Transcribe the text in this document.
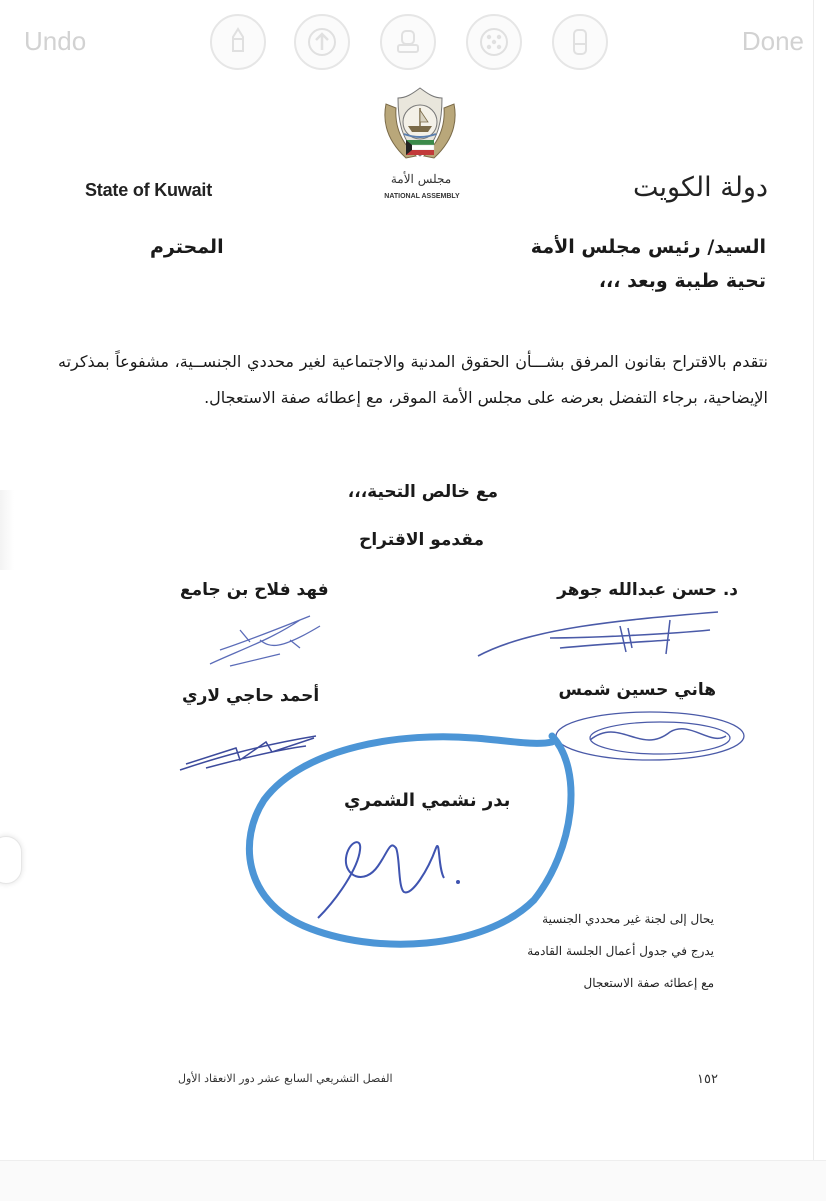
Undo	Done
مجلس الأمة
NATIONAL ASSEMBLY
State of Kuwait	دولة الكويت
السيد/ رئيس مجلس الأمة
المحترم
تحية طيبة وبعد ،،،
نتقدم بالاقتراح بقانون المرفق بشـــأن الحقوق المدنية والاجتماعية لغير محددي الجنســية، مشفوعاً بمذكرته الإيضاحية، برجاء التفضل بعرضه على مجلس الأمة الموقر، مع إعطائه صفة الاستعجال.
مع خالص التحية،،،
مقدمو الاقتراح
د. حسن عبدالله جوهر
فهد فلاح بن جامع
هاني حسين شمس
أحمد حاجي لاري
بدر نشمي الشمري
يحال إلى لجنة غير محددي الجنسية
يدرج في جدول أعمال الجلسة القادمة
مع إعطائه صفة الاستعجال
الفصل التشريعي السابع عشر دور الانعقاد الأول	١٥٢
